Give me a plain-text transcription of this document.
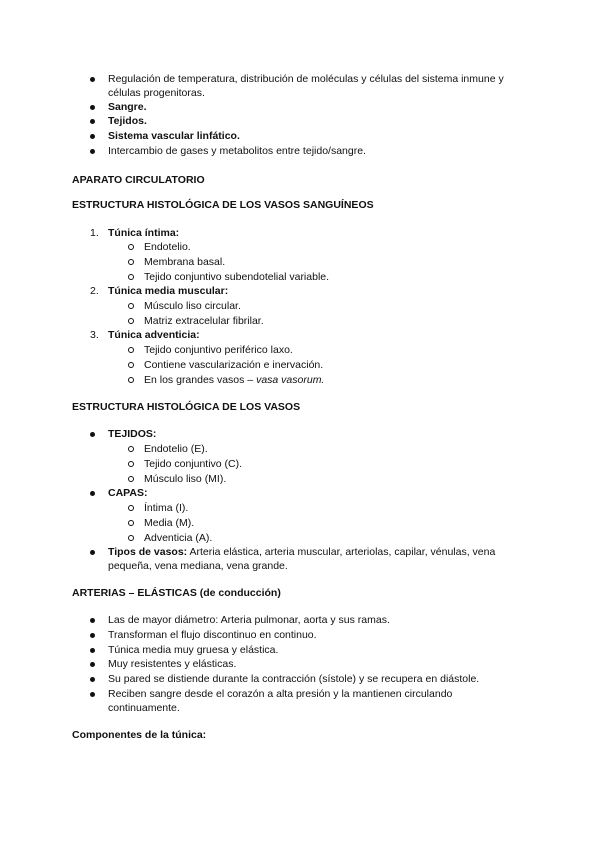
Regulación de temperatura, distribución de moléculas y células del sistema inmune y
células progenitoras.
Sangre.
Tejidos.
Sistema vascular linfático.
Intercambio de gases y metabolitos entre tejido/sangre.
APARATO CIRCULATORIO
ESTRUCTURA HISTOLÓGICA DE LOS VASOS SANGUÍNEOS
1. Túnica íntima:
Endotelio.
Membrana basal.
Tejido conjuntivo subendotelial variable.
2. Túnica media muscular:
Músculo liso circular.
Matriz extracelular fibrilar.
3. Túnica adventicia:
Tejido conjuntivo periférico laxo.
Contiene vascularización e inervación.
En los grandes vasos – vasa vasorum.
ESTRUCTURA HISTOLÓGICA DE LOS VASOS
TEJIDOS:
Endotelio (E).
Tejido conjuntivo (C).
Músculo liso (MI).
CAPAS:
Íntima (I).
Media (M).
Adventicia (A).
Tipos de vasos: Arteria elástica, arteria muscular, arteriolas, capilar, vénulas, vena
pequeña, vena mediana, vena grande.
ARTERIAS – ELÁSTICAS (de conducción)
Las de mayor diámetro: Arteria pulmonar, aorta y sus ramas.
Transforman el flujo discontinuo en continuo.
Túnica media muy gruesa y elástica.
Muy resistentes y elásticas.
Su pared se distiende durante la contracción (sístole) y se recupera en diástole.
Reciben sangre desde el corazón a alta presión y la mantienen circulando
continuamente.
Componentes de la túnica:
